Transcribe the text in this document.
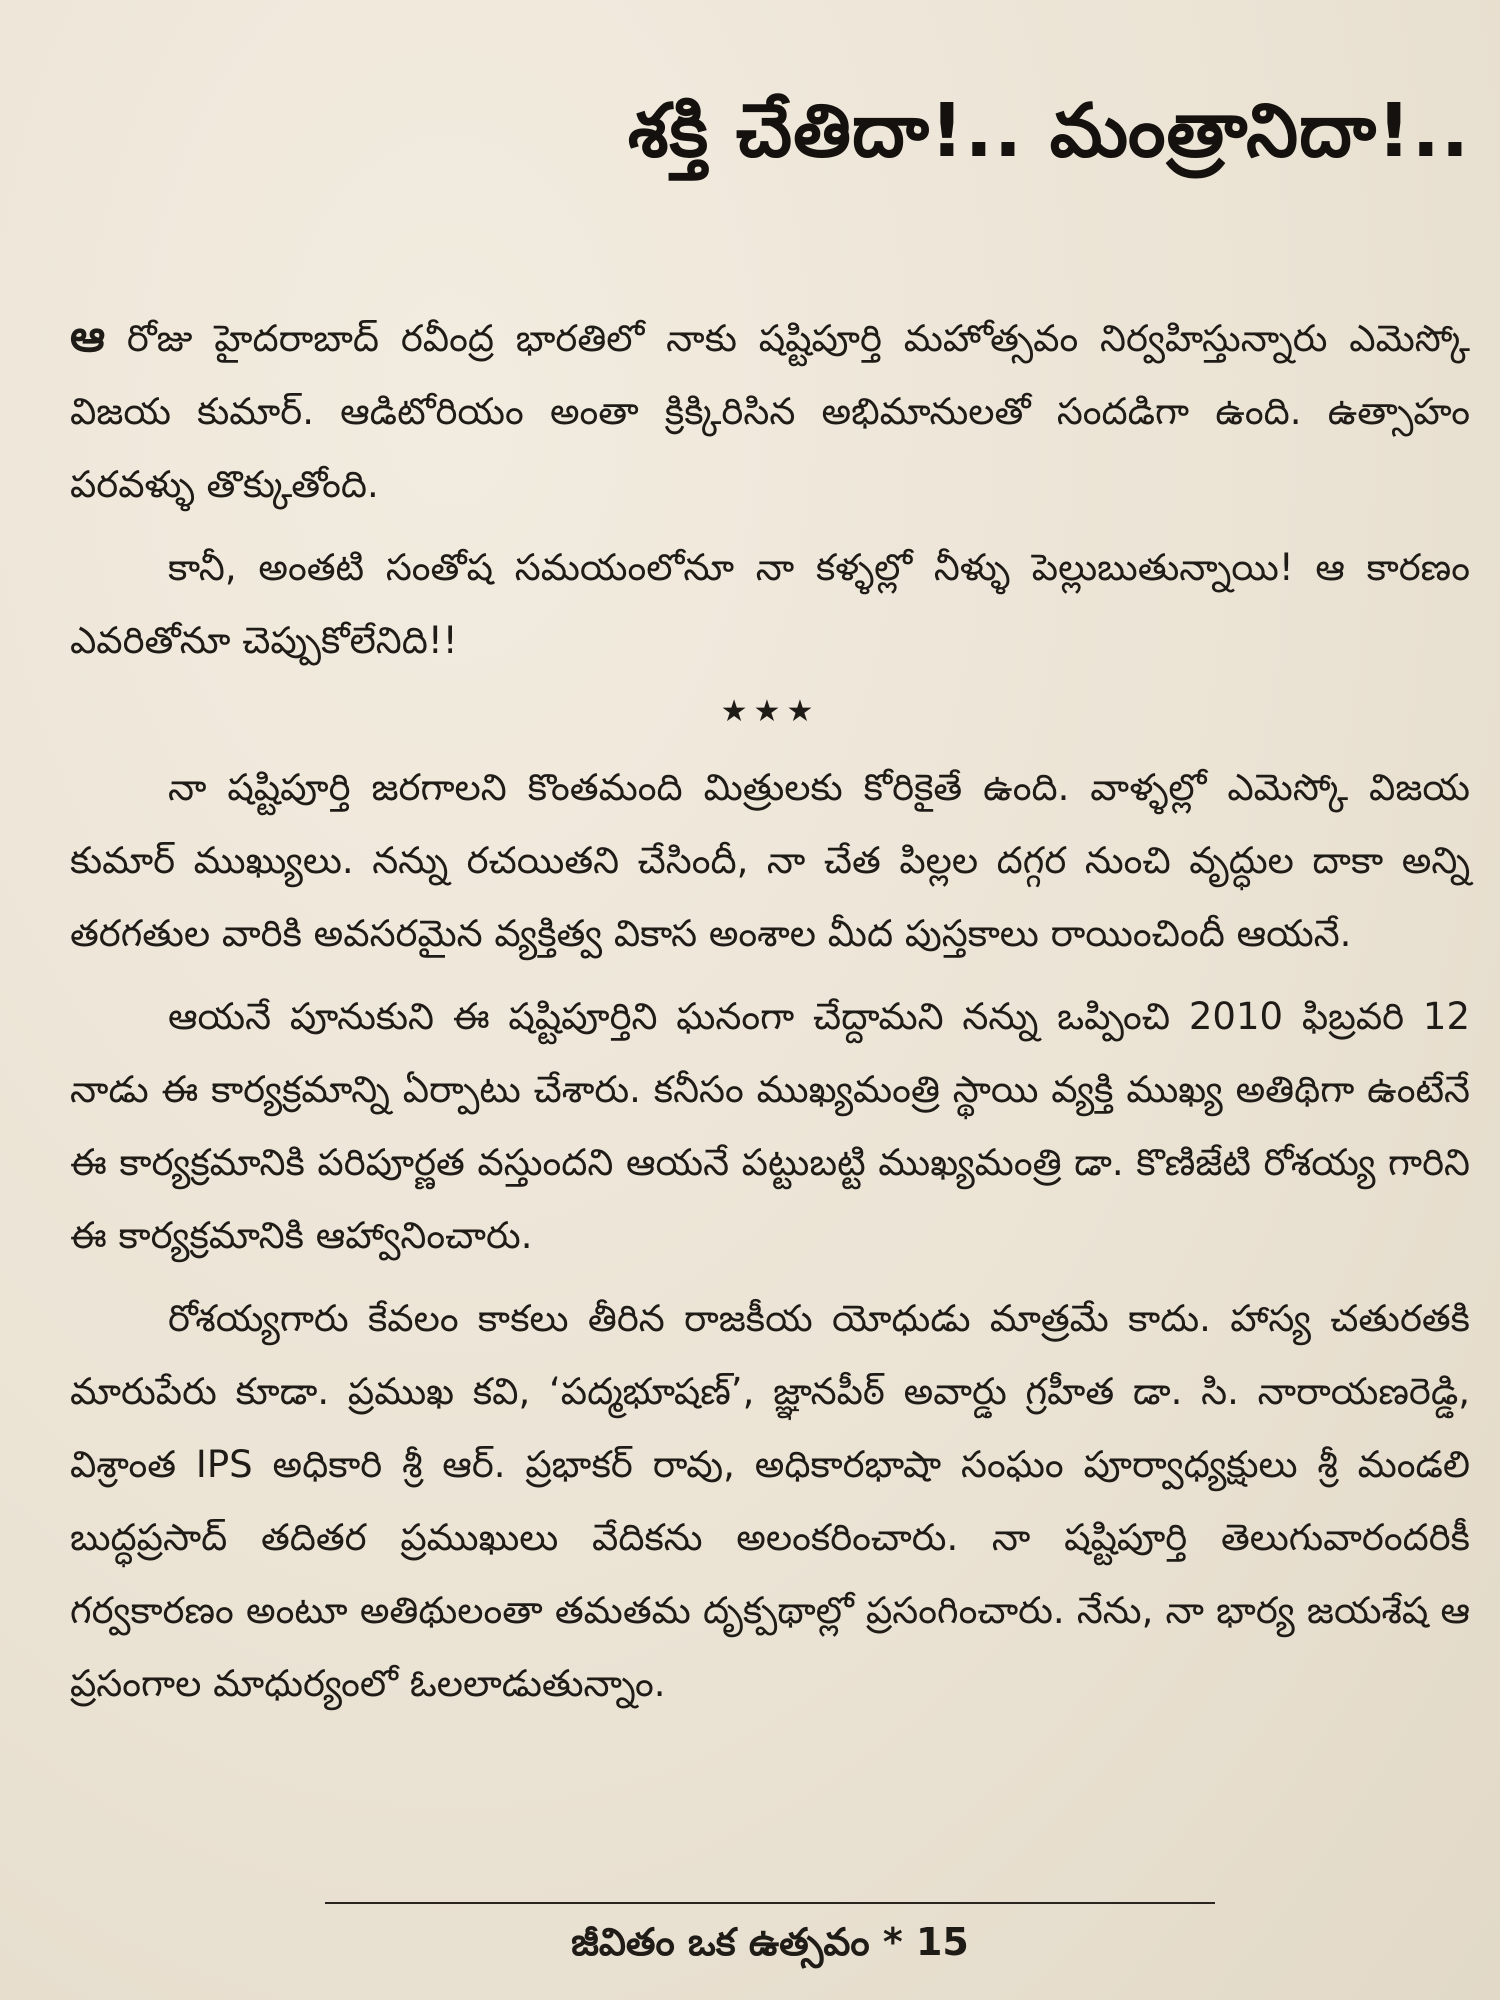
శక్తి చేతిదా!.. మంత్రానిదా!..

ఆ రోజు హైదరాబాద్ రవీంద్ర భారతిలో నాకు షష్టిపూర్తి మహోత్సవం నిర్వహిస్తున్నారు ఎమెస్కో విజయ కుమార్. ఆడిటోరియం అంతా క్రిక్కిరిసిన అభిమానులతో సందడిగా ఉంది. ఉత్సాహం పరవళ్ళు తొక్కుతోంది.

కానీ, అంతటి సంతోష సమయంలోనూ నా కళ్ళల్లో నీళ్ళు పెల్లుబుతున్నాయి! ఆ కారణం ఎవరితోనూ చెప్పుకోలేనిది!!

★★★

నా షష్టిపూర్తి జరగాలని కొంతమంది మిత్రులకు కోరికైతే ఉంది. వాళ్ళల్లో ఎమెస్కో విజయ కుమార్ ముఖ్యులు. నన్ను రచయితని చేసిందీ, నా చేత పిల్లల దగ్గర నుంచి వృద్ధుల దాకా అన్ని తరగతుల వారికి అవసరమైన వ్యక్తిత్వ వికాస అంశాల మీద పుస్తకాలు రాయించిందీ ఆయనే.

ఆయనే పూనుకుని ఈ షష్టిపూర్తిని ఘనంగా చేద్దామని నన్ను ఒప్పించి 2010 ఫిబ్రవరి 12 నాడు ఈ కార్యక్రమాన్ని ఏర్పాటు చేశారు. కనీసం ముఖ్యమంత్రి స్థాయి వ్యక్తి ముఖ్య అతిథిగా ఉంటేనే ఈ కార్యక్రమానికి పరిపూర్ణత వస్తుందని ఆయనే పట్టుబట్టి ముఖ్యమంత్రి డా. కొణిజేటి రోశయ్య గారిని ఈ కార్యక్రమానికి ఆహ్వానించారు.

రోశయ్యగారు కేవలం కాకలు తీరిన రాజకీయ యోధుడు మాత్రమే కాదు. హాస్య చతురతకి మారుపేరు కూడా. ప్రముఖ కవి, ‘పద్మభూషణ్’, జ్ఞానపీఠ్ అవార్డు గ్రహీత డా. సి. నారాయణరెడ్డి, విశ్రాంత IPS అధికారి శ్రీ ఆర్. ప్రభాకర్ రావు, అధికారభాషా సంఘం పూర్వాధ్యక్షులు శ్రీ మండలి బుద్ధప్రసాద్ తదితర ప్రముఖులు వేదికను అలంకరించారు. నా షష్టిపూర్తి తెలుగువారందరికీ గర్వకారణం అంటూ అతిథులంతా తమతమ దృక్పథాల్లో ప్రసంగించారు. నేను, నా భార్య జయశేష ఆ ప్రసంగాల మాధుర్యంలో ఓలలాడుతున్నాం.

జీవితం ఒక ఉత్సవం * 15
